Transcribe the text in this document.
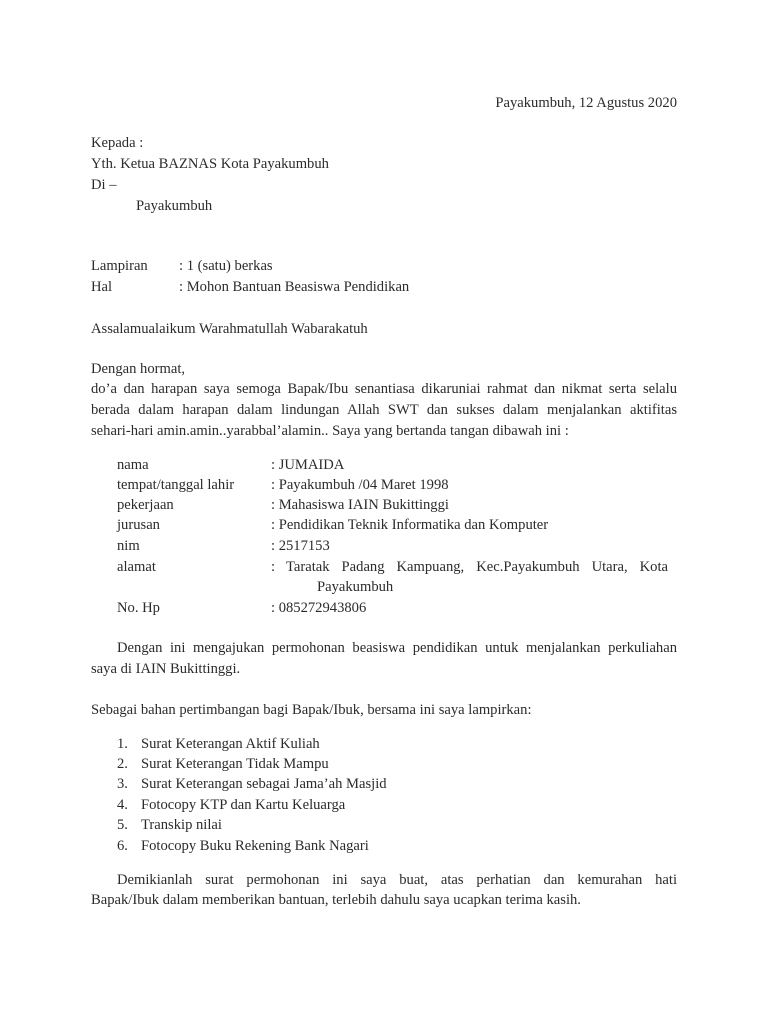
Payakumbuh, 12 Agustus 2020
Kepada :
Yth. Ketua BAZNAS Kota Payakumbuh
Di –
Payakumbuh
Lampiran : 1 (satu) berkas
Hal	: Mohon Bantuan Beasiswa Pendidikan
Assalamualaikum Warahmatullah Wabarakatuh
Dengan hormat,
do’a dan harapan saya semoga Bapak/Ibu senantiasa dikaruniai rahmat dan nikmat serta selalu
berada dalam harapan dalam lindungan Allah SWT dan sukses dalam menjalankan aktifitas
sehari-hari amin.amin..yarabbal’alamin.. Saya yang bertanda tangan dibawah ini :
nama	: JUMAIDA
tempat/tanggal lahir	: Payakumbuh /04 Maret 1998
pekerjaan	: Mahasiswa IAIN Bukittinggi
jurusan	: Pendidikan Teknik Informatika dan Komputer
nim	: 2517153
alamat	: Taratak Padang Kampuang, Kec.Payakumbuh Utara, Kota
Payakumbuh
No. Hp	: 085272943806
Dengan ini mengajukan permohonan beasiswa pendidikan untuk menjalankan perkuliahan
saya di IAIN Bukittinggi.
Sebagai bahan pertimbangan bagi Bapak/Ibuk, bersama ini saya lampirkan:
1. Surat Keterangan Aktif Kuliah
2. Surat Keterangan Tidak Mampu
3. Surat Keterangan sebagai Jama’ah Masjid
4. Fotocopy KTP dan Kartu Keluarga
5. Transkip nilai
6. Fotocopy Buku Rekening Bank Nagari
Demikianlah surat permohonan ini saya buat, atas perhatian dan kemurahan hati
Bapak/Ibuk dalam memberikan bantuan, terlebih dahulu saya ucapkan terima kasih.
